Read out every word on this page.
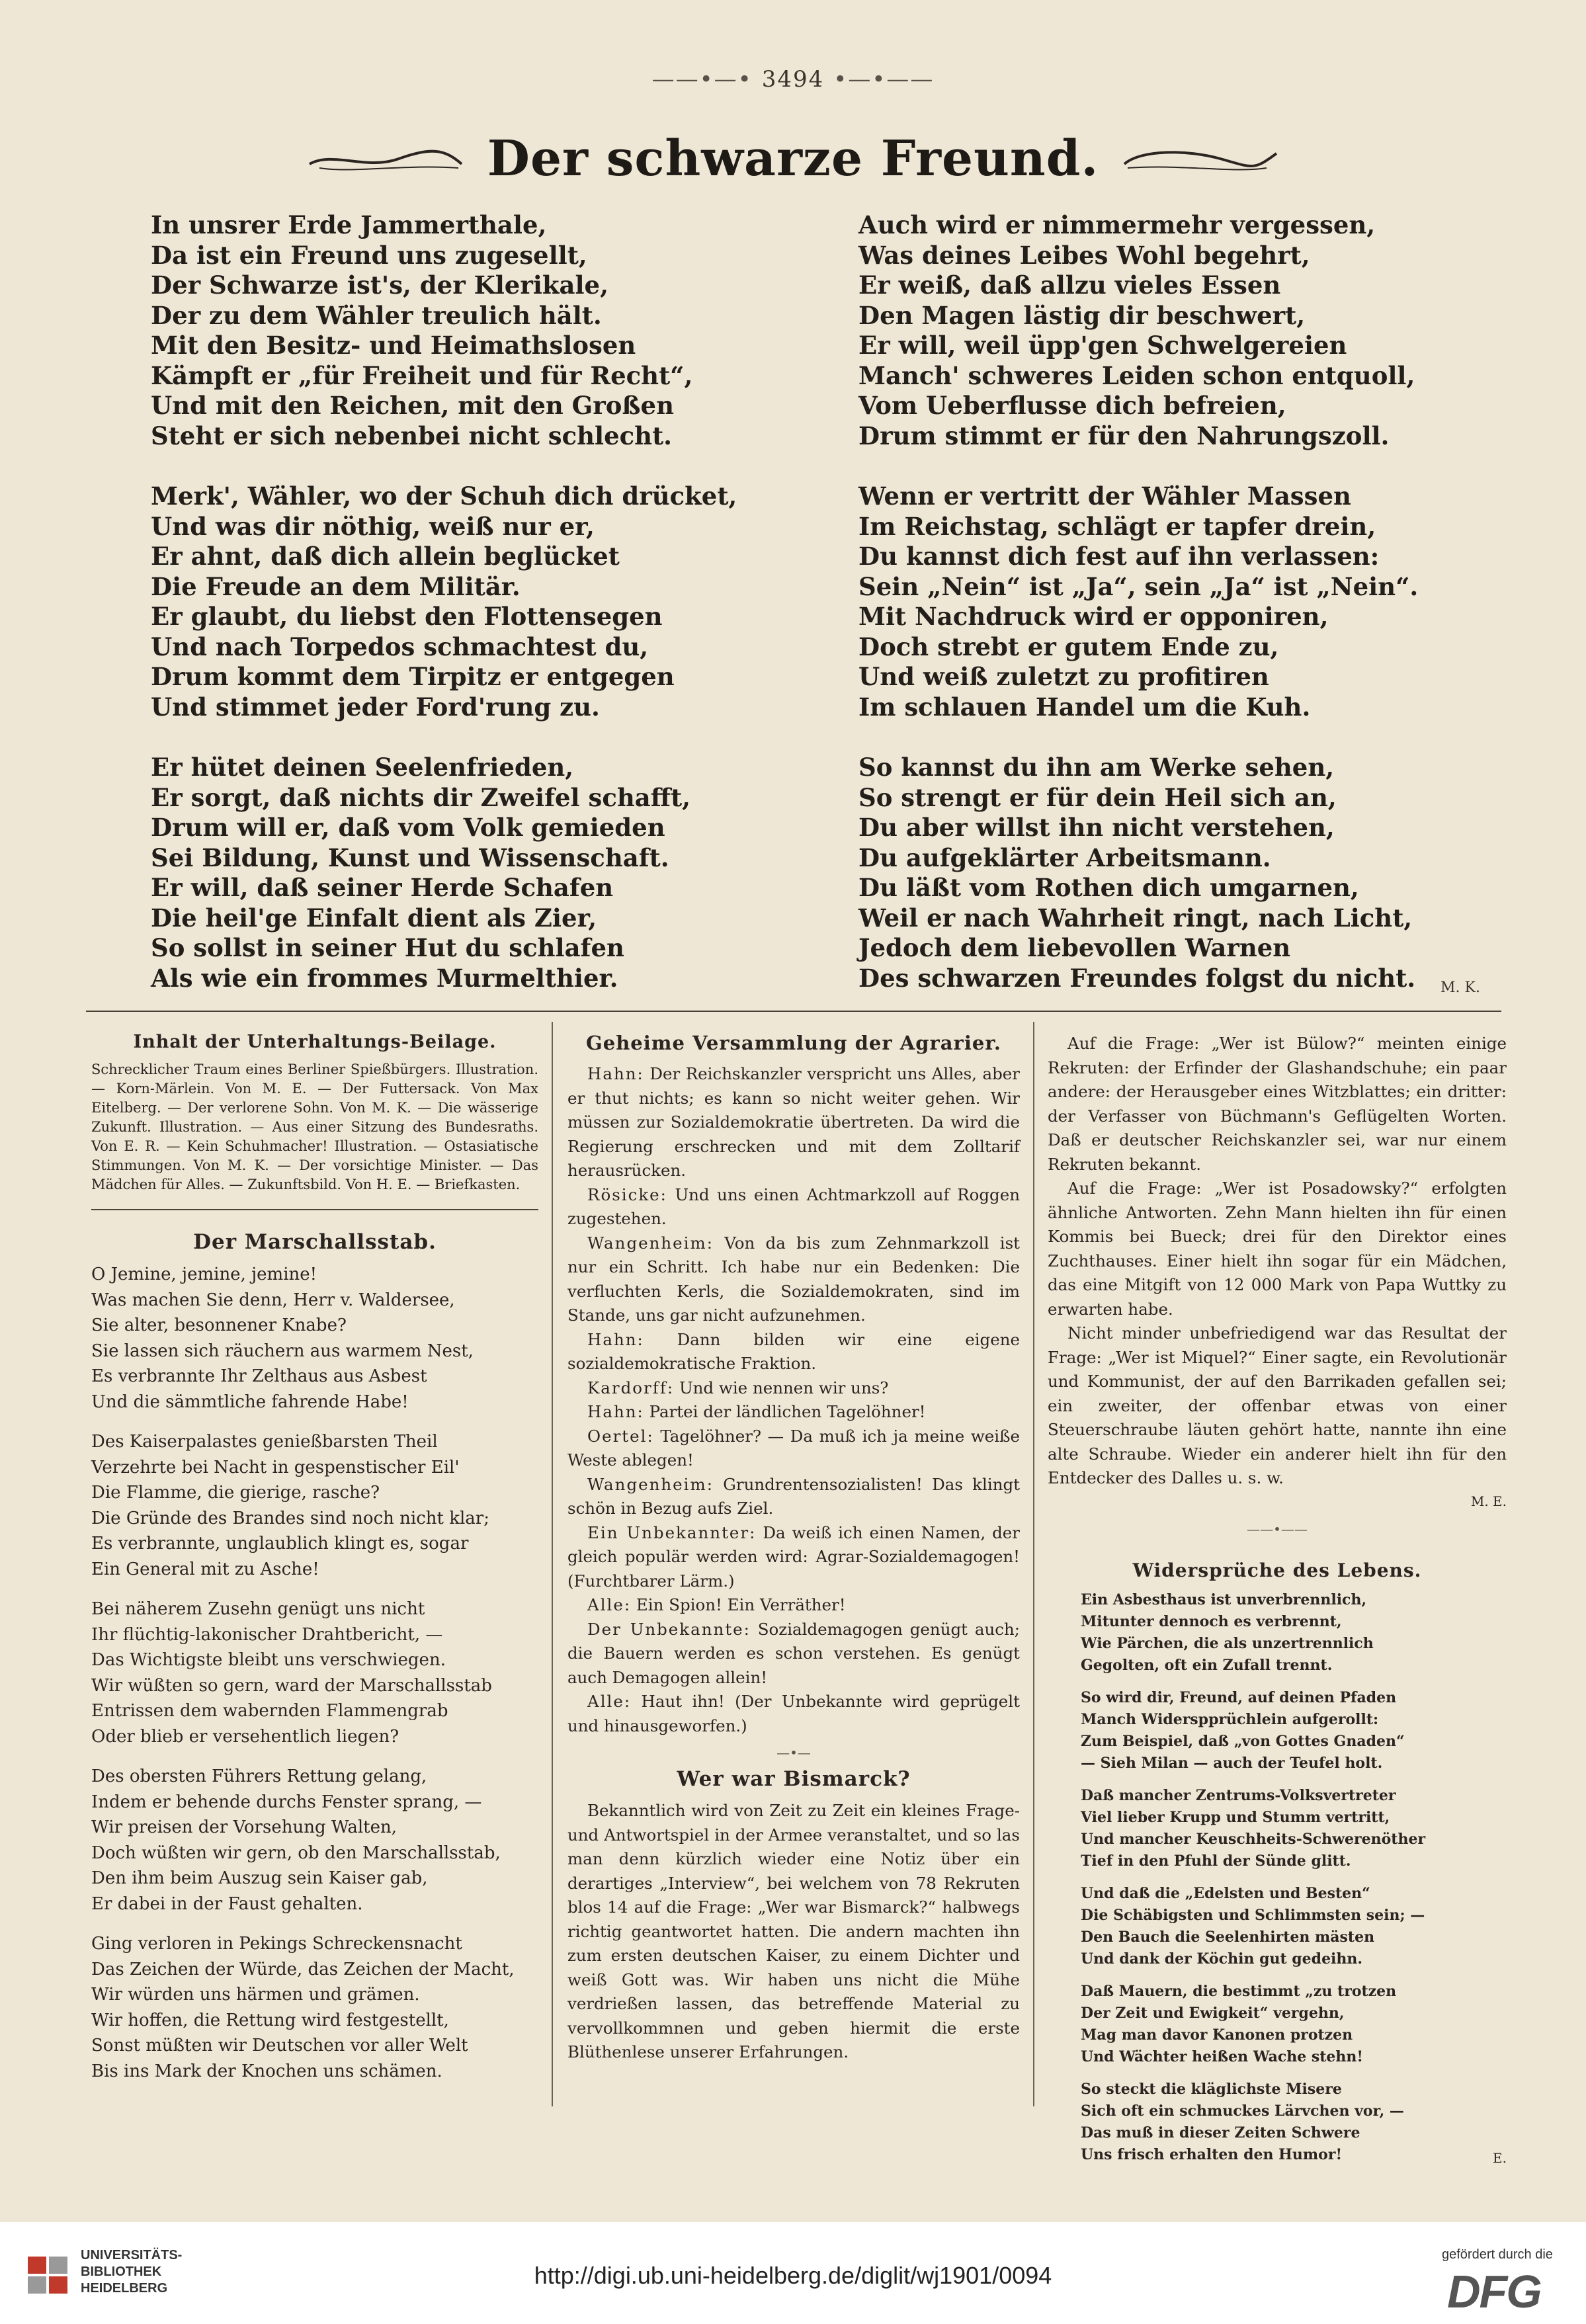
——•—• 3494 •—•——
Der schwarze Freund.
In unsrer Erde Jammerthale,
Da ist ein Freund uns zugesellt,
Der Schwarze ist's, der Klerikale,
Der zu dem Wähler treulich hält.
Mit den Besitz- und Heimathslosen
Kämpft er „für Freiheit und für Recht“,
Und mit den Reichen, mit den Großen
Steht er sich nebenbei nicht schlecht.
Merk', Wähler, wo der Schuh dich drücket,
Und was dir nöthig, weiß nur er,
Er ahnt, daß dich allein beglücket
Die Freude an dem Militär.
Er glaubt, du liebst den Flottensegen
Und nach Torpedos schmachtest du,
Drum kommt dem Tirpitz er entgegen
Und stimmet jeder Ford'rung zu.
Er hütet deinen Seelenfrieden,
Er sorgt, daß nichts dir Zweifel schafft,
Drum will er, daß vom Volk gemieden
Sei Bildung, Kunst und Wissenschaft.
Er will, daß seiner Herde Schafen
Die heil'ge Einfalt dient als Zier,
So sollst in seiner Hut du schlafen
Als wie ein frommes Murmelthier.
Auch wird er nimmermehr vergessen,
Was deines Leibes Wohl begehrt,
Er weiß, daß allzu vieles Essen
Den Magen lästig dir beschwert,
Er will, weil üpp'gen Schwelgereien
Manch' schweres Leiden schon entquoll,
Vom Ueberflusse dich befreien,
Drum stimmt er für den Nahrungszoll.
Wenn er vertritt der Wähler Massen
Im Reichstag, schlägt er tapfer drein,
Du kannst dich fest auf ihn verlassen:
Sein „Nein“ ist „Ja“, sein „Ja“ ist „Nein“.
Mit Nachdruck wird er opponiren,
Doch strebt er gutem Ende zu,
Und weiß zuletzt zu profitiren
Im schlauen Handel um die Kuh.
So kannst du ihn am Werke sehen,
So strengt er für dein Heil sich an,
Du aber willst ihn nicht verstehen,
Du aufgeklärter Arbeitsmann.
Du läßt vom Rothen dich umgarnen,
Weil er nach Wahrheit ringt, nach Licht,
Jedoch dem liebevollen Warnen
Des schwarzen Freundes folgst du nicht.	M. K.
Inhalt der Unterhaltungs-Beilage.
Schrecklicher Traum eines Berliner Spießbürgers. Illustration. — Korn-Märlein. Von M. E. — Der Futtersack. Von Max Eitelberg. — Der verlorene Sohn. Von M. K. — Die wässerige Zukunft. Illustration. — Aus einer Sitzung des Bundesraths. Von E. R. — Kein Schuhmacher! Illustration. — Ostasiatische Stimmungen. Von M. K. — Der vorsichtige Minister. — Das Mädchen für Alles. — Zukunftsbild. Von H. E. — Briefkasten.
Der Marschallsstab.
O Jemine, jemine, jemine!
Was machen Sie denn, Herr v. Waldersee,
Sie alter, besonnener Knabe?
Sie lassen sich räuchern aus warmem Nest,
Es verbrannte Ihr Zelthaus aus Asbest
Und die sämmtliche fahrende Habe!
Des Kaiserpalastes genießbarsten Theil
Verzehrte bei Nacht in gespenstischer Eil'
Die Flamme, die gierige, rasche?
Die Gründe des Brandes sind noch nicht klar;
Es verbrannte, unglaublich klingt es, sogar
Ein General mit zu Asche!
Bei näherem Zusehn genügt uns nicht
Ihr flüchtig-lakonischer Drahtbericht, —
Das Wichtigste bleibt uns verschwiegen.
Wir wüßten so gern, ward der Marschallsstab
Entrissen dem wabernden Flammengrab
Oder blieb er versehentlich liegen?
Des obersten Führers Rettung gelang,
Indem er behende durchs Fenster sprang, —
Wir preisen der Vorsehung Walten,
Doch wüßten wir gern, ob den Marschallsstab,
Den ihm beim Auszug sein Kaiser gab,
Er dabei in der Faust gehalten.
Ging verloren in Pekings Schreckensnacht
Das Zeichen der Würde, das Zeichen der Macht,
Wir würden uns härmen und grämen.
Wir hoffen, die Rettung wird festgestellt,
Sonst müßten wir Deutschen vor aller Welt
Bis ins Mark der Knochen uns schämen.
Geheime Versammlung der Agrarier.

Hahn: Der Reichskanzler verspricht uns Alles, aber er thut nichts; es kann so nicht weiter gehen. Wir müssen zur Sozialdemokratie übertreten. Da wird die Regierung erschrecken und mit dem Zolltarif herausrücken.

Rösicke: Und uns einen Achtmarkzoll auf Roggen zugestehen.

Wangenheim: Von da bis zum Zehnmarkzoll ist nur ein Schritt. Ich habe nur ein Bedenken: Die verfluchten Kerls, die Sozialdemokraten, sind im Stande, uns gar nicht aufzunehmen.

Hahn: Dann bilden wir eine eigene sozialdemokratische Fraktion.

Kardorff: Und wie nennen wir uns?

Hahn: Partei der ländlichen Tagelöhner!

Oertel: Tagelöhner? — Da muß ich ja meine weiße Weste ablegen!

Wangenheim: Grundrentensozialisten! Das klingt schön in Bezug aufs Ziel.

Ein Unbekannter: Da weiß ich einen Namen, der gleich populär werden wird: Agrar-Sozialdemagogen! (Furchtbarer Lärm.)

Alle: Ein Spion! Ein Verräther!

Der Unbekannte: Sozialdemagogen genügt auch; die Bauern werden es schon verstehen. Es genügt auch Demagogen allein!

Alle: Haut ihn! (Der Unbekannte wird geprügelt und hinausgeworfen.)

—•—
Wer war Bismarck?

Bekanntlich wird von Zeit zu Zeit ein kleines Frage- und Antwortspiel in der Armee veranstaltet, und so las man denn kürzlich wieder eine Notiz über ein derartiges „Interview“, bei welchem von 78 Rekruten blos 14 auf die Frage: „Wer war Bismarck?“ halbwegs richtig geantwortet hatten. Die andern machten ihn zum ersten deutschen Kaiser, zu einem Dichter und weiß Gott was. Wir haben uns nicht die Mühe verdrießen lassen, das betreffende Material zu vervollkommnen und geben hiermit die erste Blüthenlese unserer Erfahrungen.

Auf die Frage: „Wer ist Bülow?“ meinten einige Rekruten: der Erfinder der Glashandschuhe; ein paar andere: der Herausgeber eines Witzblattes; ein dritter: der Verfasser von Büchmann's Geflügelten Worten. Daß er deutscher Reichskanzler sei, war nur einem Rekruten bekannt.

Auf die Frage: „Wer ist Posadowsky?“ erfolgten ähnliche Antworten. Zehn Mann hielten ihn für einen Kommis bei Bueck; drei für den Direktor eines Zuchthauses. Einer hielt ihn sogar für ein Mädchen, das eine Mitgift von 12 000 Mark von Papa Wuttky zu erwarten habe.

Nicht minder unbefriedigend war das Resultat der Frage: „Wer ist Miquel?“ Einer sagte, ein Revolutionär und Kommunist, der auf den Barrikaden gefallen sei; ein zweiter, der offenbar etwas von einer Steuerschraube läuten gehört hatte, nannte ihn eine alte Schraube. Wieder ein anderer hielt ihn für den Entdecker des Dalles u. s. w.

M. E.
——•——
Widersprüche des Lebens.
Ein Asbesthaus ist unverbrennlich,
Mitunter dennoch es verbrennt,
Wie Pärchen, die als unzertrennlich
Gegolten, oft ein Zufall trennt.
So wird dir, Freund, auf deinen Pfaden
Manch Widerspprüchlein aufgerollt:
Zum Beispiel, daß „von Gottes Gnaden“
— Sieh Milan — auch der Teufel holt.
Daß mancher Zentrums-Volksvertreter
Viel lieber Krupp und Stumm vertritt,
Und mancher Keuschheits-Schwerenöther
Tief in den Pfuhl der Sünde glitt.
Und daß die „Edelsten und Besten“
Die Schäbigsten und Schlimmsten sein; —
Den Bauch die Seelenhirten mästen
Und dank der Köchin gut gedeihn.
Daß Mauern, die bestimmt „zu trotzen
Der Zeit und Ewigkeit“ vergehn,
Mag man davor Kanonen protzen
Und Wächter heißen Wache stehn!
So steckt die kläglichste Misere
Sich oft ein schmuckes Lärvchen vor, —
Das muß in dieser Zeiten Schwere
Uns frisch erhalten den Humor!	E.
UNIVERSITÄTS-
BIBLIOTHEK
HEIDELBERG	http://digi.ub.uni-heidelberg.de/diglit/wj1901/0094
gefördert durch die
DFG
